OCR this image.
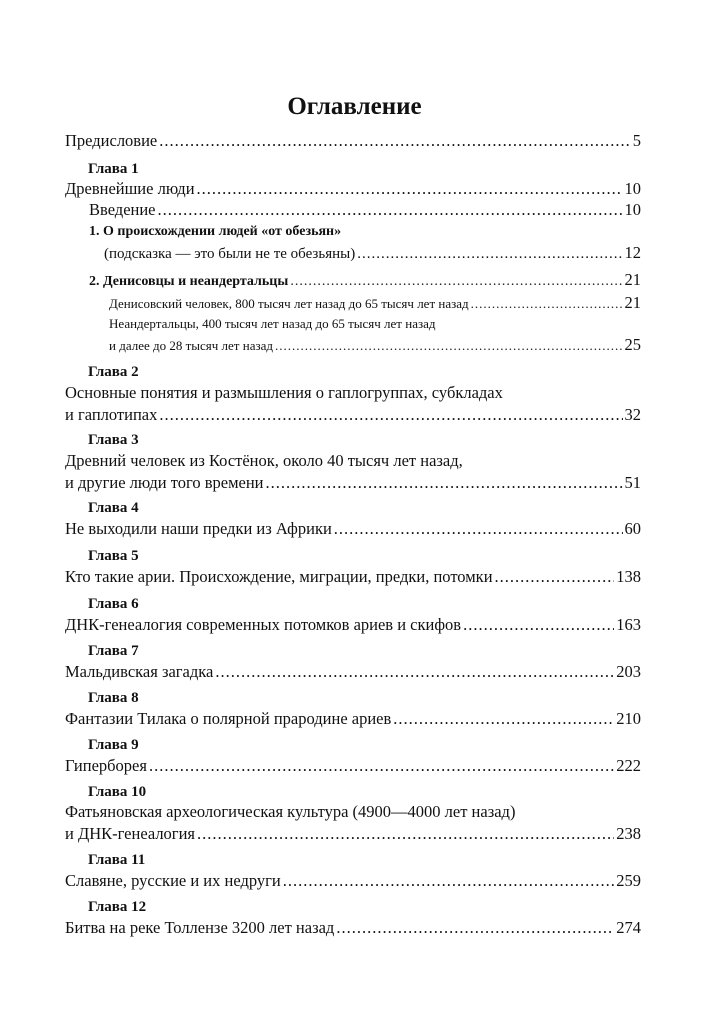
Оглавление
Предисловие .....	5
Глава 1
Древнейшие люди .....	10
Введение .....	10
1. О происхождении людей «от обезьян»
(подсказка — это были не те обезьяны) .....	12
2. Денисовцы и неандертальцы .....	21
Денисовский человек, 800 тысяч лет назад до 65 тысяч лет назад .....	21
Неандертальцы, 400 тысяч лет назад до 65 тысяч лет назад
и далее до 28 тысяч лет назад .....	25
Глава 2
Основные понятия и размышления о гаплогруппах, субкладах
и гаплотипах .....	32
Глава 3
Древний человек из Костёнок, около 40 тысяч лет назад,
и другие люди того времени .....	51
Глава 4
Не выходили наши предки из Африки .....	60
Глава 5
Кто такие арии. Происхождение, миграции, предки, потомки .....	138
Глава 6
ДНК-генеалогия современных потомков ариев и скифов .....	163
Глава 7
Мальдивская загадка .....	203
Глава 8
Фантазии Тилака о полярной прародине ариев .....	210
Глава 9
Гиперборея .....	222
Глава 10
Фатьяновская археологическая культура (4900—4000 лет назад)
и ДНК-генеалогия .....	238
Глава 11
Славяне, русские и их недруги .....	259
Глава 12
Битва на реке Толлензе 3200 лет назад .....	274
